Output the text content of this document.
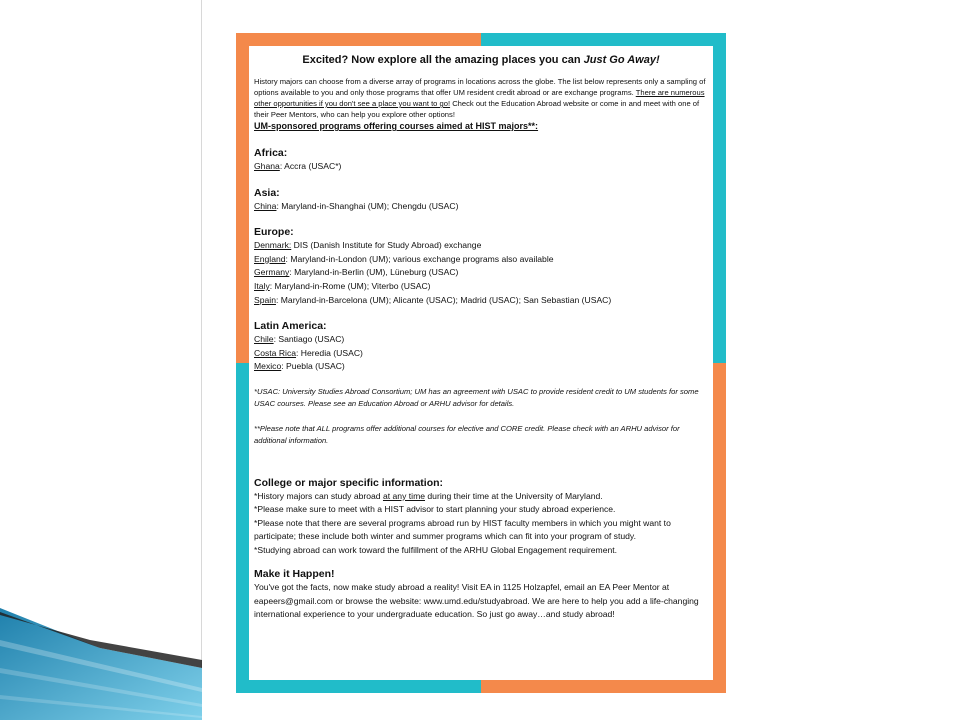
Excited? Now explore all the amazing places you can Just Go Away!

History majors can choose from a diverse array of programs in locations across the globe. The list below represents only a sampling of options available to you and only those programs that offer UM resident credit abroad or are exchange programs. There are numerous other opportunities if you don't see a place you want to go! Check out the Education Abroad website or come in and meet with one of their Peer Mentors, who can help you explore other options!

UM-sponsored programs offering courses aimed at HIST majors**:

Africa:

Ghana: Accra (USAC*)

Asia:

China: Maryland-in-Shanghai (UM); Chengdu (USAC)

Europe:

Denmark: DIS (Danish Institute for Study Abroad) exchange

England: Maryland-in-London (UM); various exchange programs also available

Germany: Maryland-in-Berlin (UM), Lüneburg (USAC)

Italy: Maryland-in-Rome (UM); Viterbo (USAC)

Spain: Maryland-in-Barcelona (UM); Alicante (USAC); Madrid (USAC); San Sebastian (USAC)

Latin America:

Chile: Santiago (USAC)

Costa Rica: Heredia (USAC)

Mexico: Puebla (USAC)

*USAC: University Studies Abroad Consortium; UM has an agreement with USAC to provide resident credit to UM students for some USAC courses. Please see an Education Abroad or ARHU advisor for details.

**Please note that ALL programs offer additional courses for elective and CORE credit. Please check with an ARHU advisor for additional information.

College or major specific information:

*History majors can study abroad at any time during their time at the University of Maryland.

*Please make sure to meet with a HIST advisor to start planning your study abroad experience.

*Please note that there are several programs abroad run by HIST faculty members in which you might want to participate; these include both winter and summer programs which can fit into your program of study.

*Studying abroad can work toward the fulfillment of the ARHU Global Engagement requirement.

Make it Happen!

You've got the facts, now make study abroad a reality! Visit EA in 1125 Holzapfel, email an EA Peer Mentor at eapeers@gmail.com or browse the website: www.umd.edu/studyabroad. We are here to help you add a life-changing international experience to your undergraduate education. So just go away…and study abroad!
